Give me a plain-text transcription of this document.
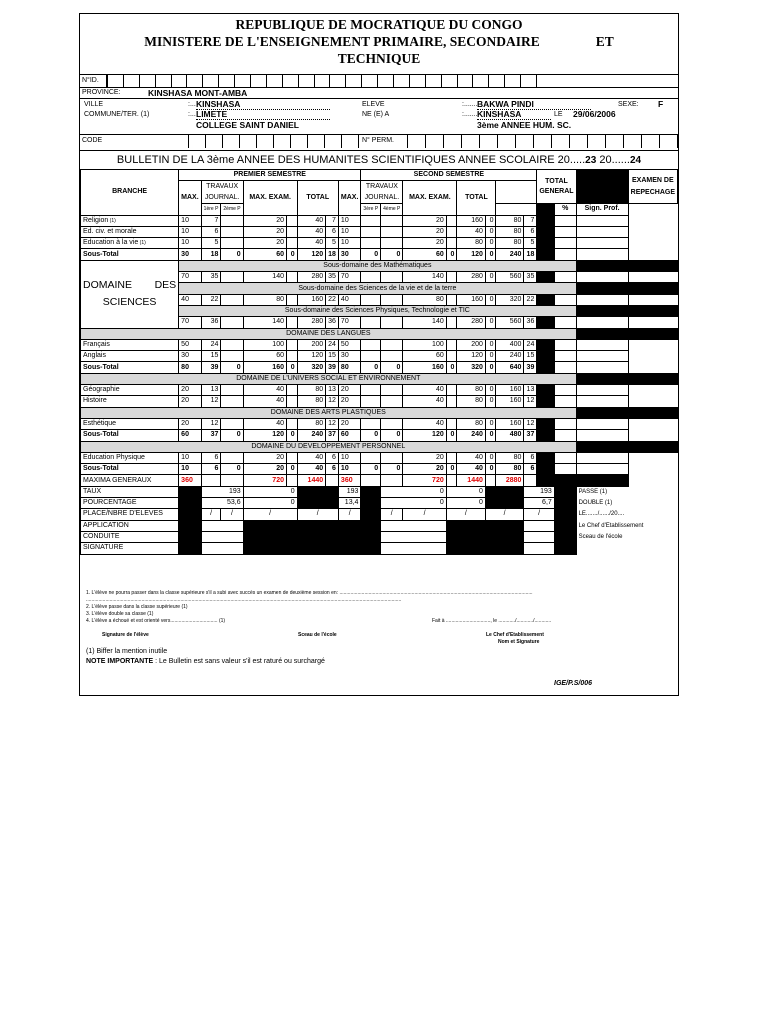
REPUBLIQUE DE MOCRATIQUE DU CONGO
MINISTERE DE L'ENSEIGNEMENT PRIMAIRE, SECONDAIRE	ET
TECHNIQUE
N°ID.
PROVINCE:	KINSHASA MONT-AMBA
VILLE	:... KINSHASA
COMMUNE/TER. (1)	:... LIMETE
COLLEGE SAINT DANIEL
ELEVE	:....... BAKWA PINDI	SEXE: F
NE (E) A	:....... KINSHASA	LE 29/06/2006
3ème ANNEE HUM. SC.
CODE	N° PERM.
BULLETIN DE LA 3ème ANNEE DES HUMANITES SCIENTIFIQUES ANNEE SCOLAIRE 20.....23 20......24
BRANCHE	PREMIER SEMESTRE								SECOND SEMESTRE								TOTAL GENERAL			EXAMEN DE REPECHAGE
	MAX.	TRAVAUX JOURNAL.		MAX. EXAM.		TOTAL		MAX.	TRAVAUX JOURNAL.		MAX. EXAM.		TOTAL							
		1ère P	2ème P						3ère P	4ème P								%	Sign. Prof.	
Religion (1)	10	7		20		40	7	10			20		160	0	80	7				
Ed. civ. et morale	10	6		20		40	6	10			20		40	0	80	6				
Education à la vie (1)	10	5		20		40	5	10			20		80	0	80	5				
Sous-Total	30	18	0	60	0	120	18	30	0	0	60	0	120	0	240	18				

DOMAINE DES
SCIENCES	Sous-domaine des Mathématiques																			
	70	35		140		280	35	70			140		280	0	560	35				
	Sous-domaine des Sciences de la vie et de la terre																			
	40	22		80		160	22	40			80		160	0	320	22				
	Sous-domaine des Sciences Physiques, Technologie et TIC																			
	70	36		140		280	36	70			140		280	0	560	36				
DOMAINE DES LANGUES																				
Français	50	24		100		200	24	50			100		200	0	400	24				
Anglais	30	15		60		120	15	30			60		120	0	240	15				
Sous-Total	80	39	0	160	0	320	39	80	0	0	160	0	320	0	640	39				
DOMAINE DE L'UNIVERS SOCIAL ET ENVIRONNEMENT																				
Géographie	20	13		40		80	13	20			40		80	0	160	13				
Histoire	20	12		40		80	12	20			40		80	0	160	12				
DOMAINE DES ARTS PLASTIQUES																				
Esthétique	20	12		40		80	12	20			40		80	0	160	12				
Sous-Total	60	37	0	120	0	240	37	60	0	0	120	0	240	0	480	37				
DOMAINE DU DEVELOPPEMENT PERSONNEL																				
Education Physique	10	6		20		40	6	10			20		40	0	80	6				
Sous-Total	10	6	0	20	0	40	6	10	0	0	20	0	40	0	80	6				
MAXIMA GENERAUX	360			720		1440		360			720		1440		2880					
TAUX		193		0				193		0		0				193			PASSE (1)	
POURCENTAGE		53,6		0				13,4		0		0				6,7			DOUBLE (1)	
PLACE/NBRE D'ELEVES		/	/	/		/		/		/	/	/		/		/			LE......./....../20....	
APPLICATION																			Le Chef d'Etablissement	
CONDUITE																			Sceau de l'école	
SIGNATURE																				
1. L'élève ne pourra passer dans la classe supérieure s'il a subi avec succès un examen de deuxième session en: ...........................................................................................................................................
...................................................................................................................................................................................................................................
2. L'élève passe dans la classe supérieure (1)
3. L'élève double sa classe (1)
4. L'élève a échoué et est orienté vers.................................. (1)	Fait à ................................, le ............/............/............
Signature de l'élève	Sceau de l'école	Le Chef d'Etablissement
Nom et Signature
(1) Biffer la mention inutile
NOTE IMPORTANTE : Le Bulletin est sans valeur s'il est raturé ou surchargé
IGE/P.S/006
